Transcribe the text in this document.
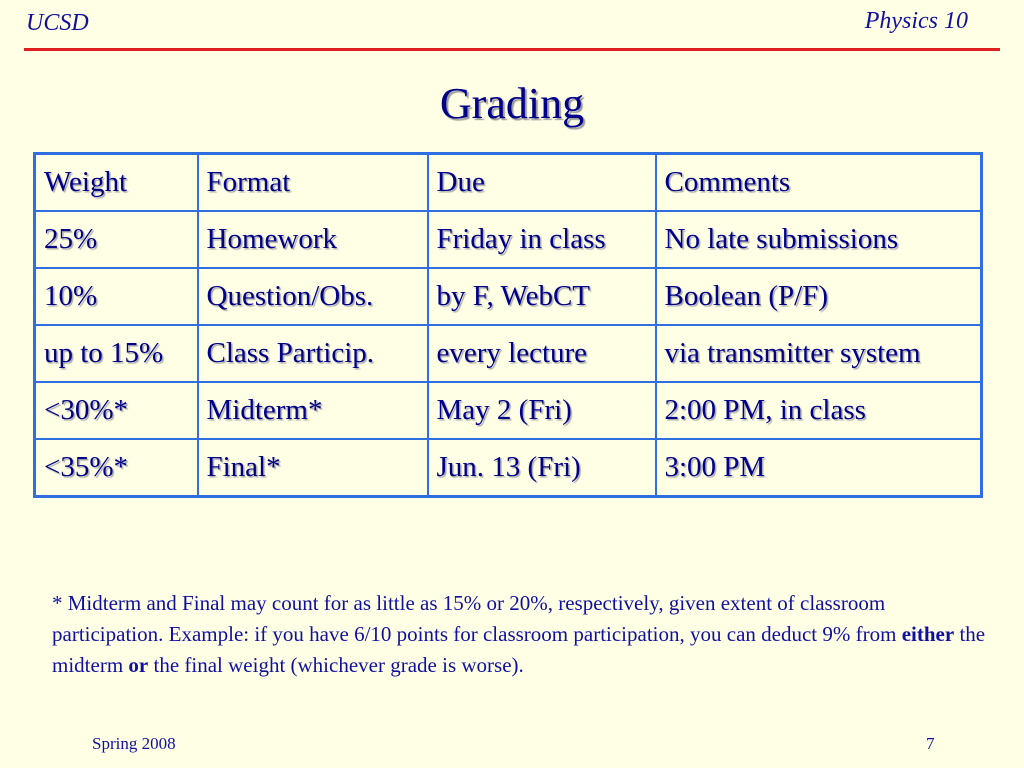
UCSD	Physics 10
Grading
Weight	Format	Due	Comments
25%	Homework	Friday in class	No late submissions
10%	Question/Obs.	by F, WebCT	Boolean (P/F)
up to 15%	Class Particip.	every lecture	via transmitter system
<30%*	Midterm*	May 2 (Fri)	2:00 PM, in class
<35%*	Final*	Jun. 13 (Fri)	3:00 PM
* Midterm and Final may count for as little as 15% or 20%, respectively, given extent of classroom participation. Example: if you have 6/10 points for classroom participation, you can deduct 9% from either the midterm or the final weight (whichever grade is worse).
Spring 2008	7
